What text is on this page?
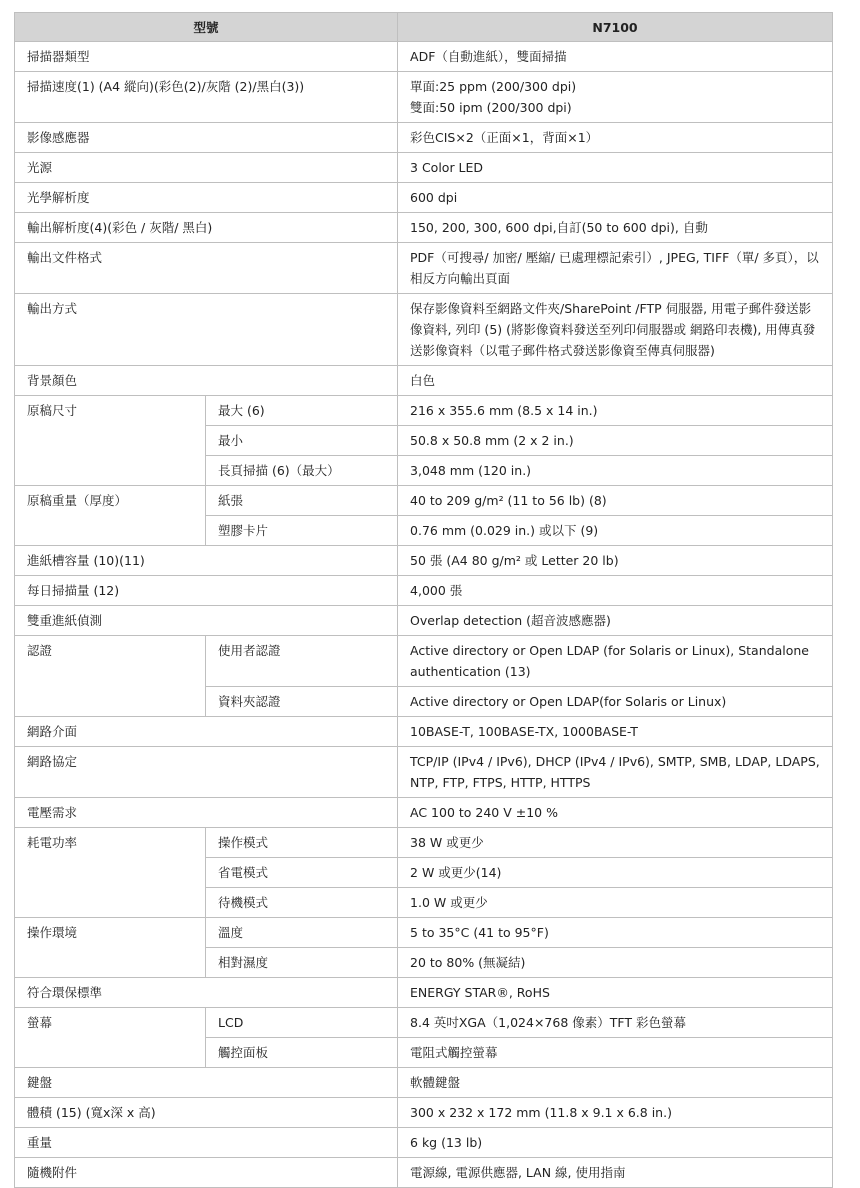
型號		N7100
掃描器類型		ADF（自動進紙），雙面掃描
掃描速度(1) (A4 縱向)(彩色(2)/灰階 (2)/黑白(3))		單面:25 ppm (200/300 dpi)
雙面:50 ipm (200/300 dpi)

影像感應器		彩色CIS×2（正面×1，背面×1）
光源		3 Color LED
光學解析度		600 dpi
輸出解析度(4)(彩色 / 灰階/ 黑白)		150, 200, 300, 600 dpi,自訂(50 to 600 dpi), 自動
輸出文件格式		PDF（可搜尋/ 加密/ 壓縮/ 已處理標記索引）, JPEG, TIFF（單/ 多頁），以相反方向輸出頁面
輸出方式		保存影像資料至網路文件夾/SharePoint /FTP 伺服器, 用電子郵件發送影像資料, 列印 (5) (將影像資料發送至列印伺服器或 網路印表機), 用傳真發送影像資料（以電子郵件格式發送影像資至傳真伺服器)
背景顏色		白色
原稿尺寸	最大 (6)	216 x 355.6 mm (8.5 x 14 in.)
	最小	50.8 x 50.8 mm (2 x 2 in.)
	長頁掃描 (6)（最大）	3,048 mm (120 in.)
原稿重量（厚度）	紙張	40 to 209 g/m² (11 to 56 lb) (8)
	塑膠卡片	0.76 mm (0.029 in.) 或以下 (9)
進紙槽容量 (10)(11)		50 張 (A4 80 g/m² 或 Letter 20 lb)
每日掃描量 (12)		4,000 張
雙重進紙偵測		Overlap detection (超音波感應器)
認證	使用者認證	Active directory or Open LDAP (for Solaris or Linux), Standalone authentication (13)
	資料夾認證	Active directory or Open LDAP(for Solaris or Linux)
網路介面		10BASE-T, 100BASE-TX, 1000BASE-T
網路協定		TCP/IP (IPv4 / IPv6), DHCP (IPv4 / IPv6), SMTP, SMB, LDAP, LDAPS, NTP, FTP, FTPS, HTTP, HTTPS
電壓需求		AC 100 to 240 V ±10 %
耗電功率	操作模式	38 W 或更少
	省電模式	2 W 或更少(14)
	待機模式	1.0 W 或更少
操作環境	溫度	5 to 35°C (41 to 95°F)
	相對濕度	20 to 80% (無凝結)
符合環保標準		ENERGY STAR®, RoHS
螢幕	LCD	8.4 英吋XGA（1,024×768 像素）TFT 彩色螢幕
	觸控面板	電阻式觸控螢幕
鍵盤		軟體鍵盤
體積 (15) (寬x深 x 高)		300 x 232 x 172 mm (11.8 x 9.1 x 6.8 in.)
重量		6 kg (13 lb)
隨機附件		電源線, 電源供應器, LAN 線, 使用指南
